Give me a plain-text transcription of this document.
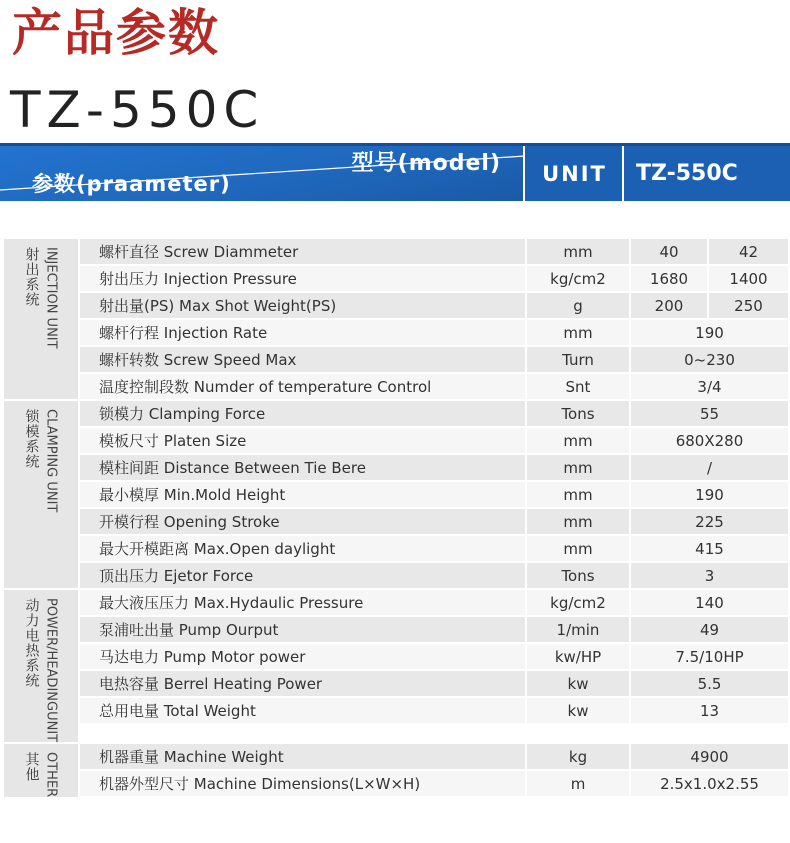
产品参数
TZ-550C
型号(model)
参数(praameter)	UNIT	TZ-550C
射出系统 INJECTION UNIT	螺杆直径 Screw Diammeter	mm	40	42
射出压力 Injection Pressure	kg/cm2	1680	1400
射出量(PS) Max Shot Weight(PS)	g	200	250
螺杆行程 Injection Rate	mm	190
螺杆转数 Screw Speed Max	Turn	0~230
温度控制段数 Numder of temperature Control	Snt	3/4
锁模系统 CLAMPING UNIT	锁模力 Clamping Force	Tons	55
模板尺寸 Platen Size	mm	680X280
模柱间距 Distance Between Tie Bere	mm	/
最小模厚 Min.Mold Height	mm	190
开模行程 Opening Stroke	mm	225
最大开模距离 Max.Open daylight	mm	415
顶出压力 Ejetor Force	Tons	3
动力电热系统 POWER/HEADINGUNIT	最大液压压力 Max.Hydaulic Pressure	kg/cm2	140
泵浦吐出量 Pump Ourput	1/min	49
马达电力 Pump Motor power	kw/HP	7.5/10HP
电热容量 Berrel Heating Power	kw	5.5
总用电量 Total Weight	kw	13
其他 OTHER	机器重量 Machine Weight	kg	4900
机器外型尺寸 Machine Dimensions(L×W×H)	m	2.5x1.0x2.55
